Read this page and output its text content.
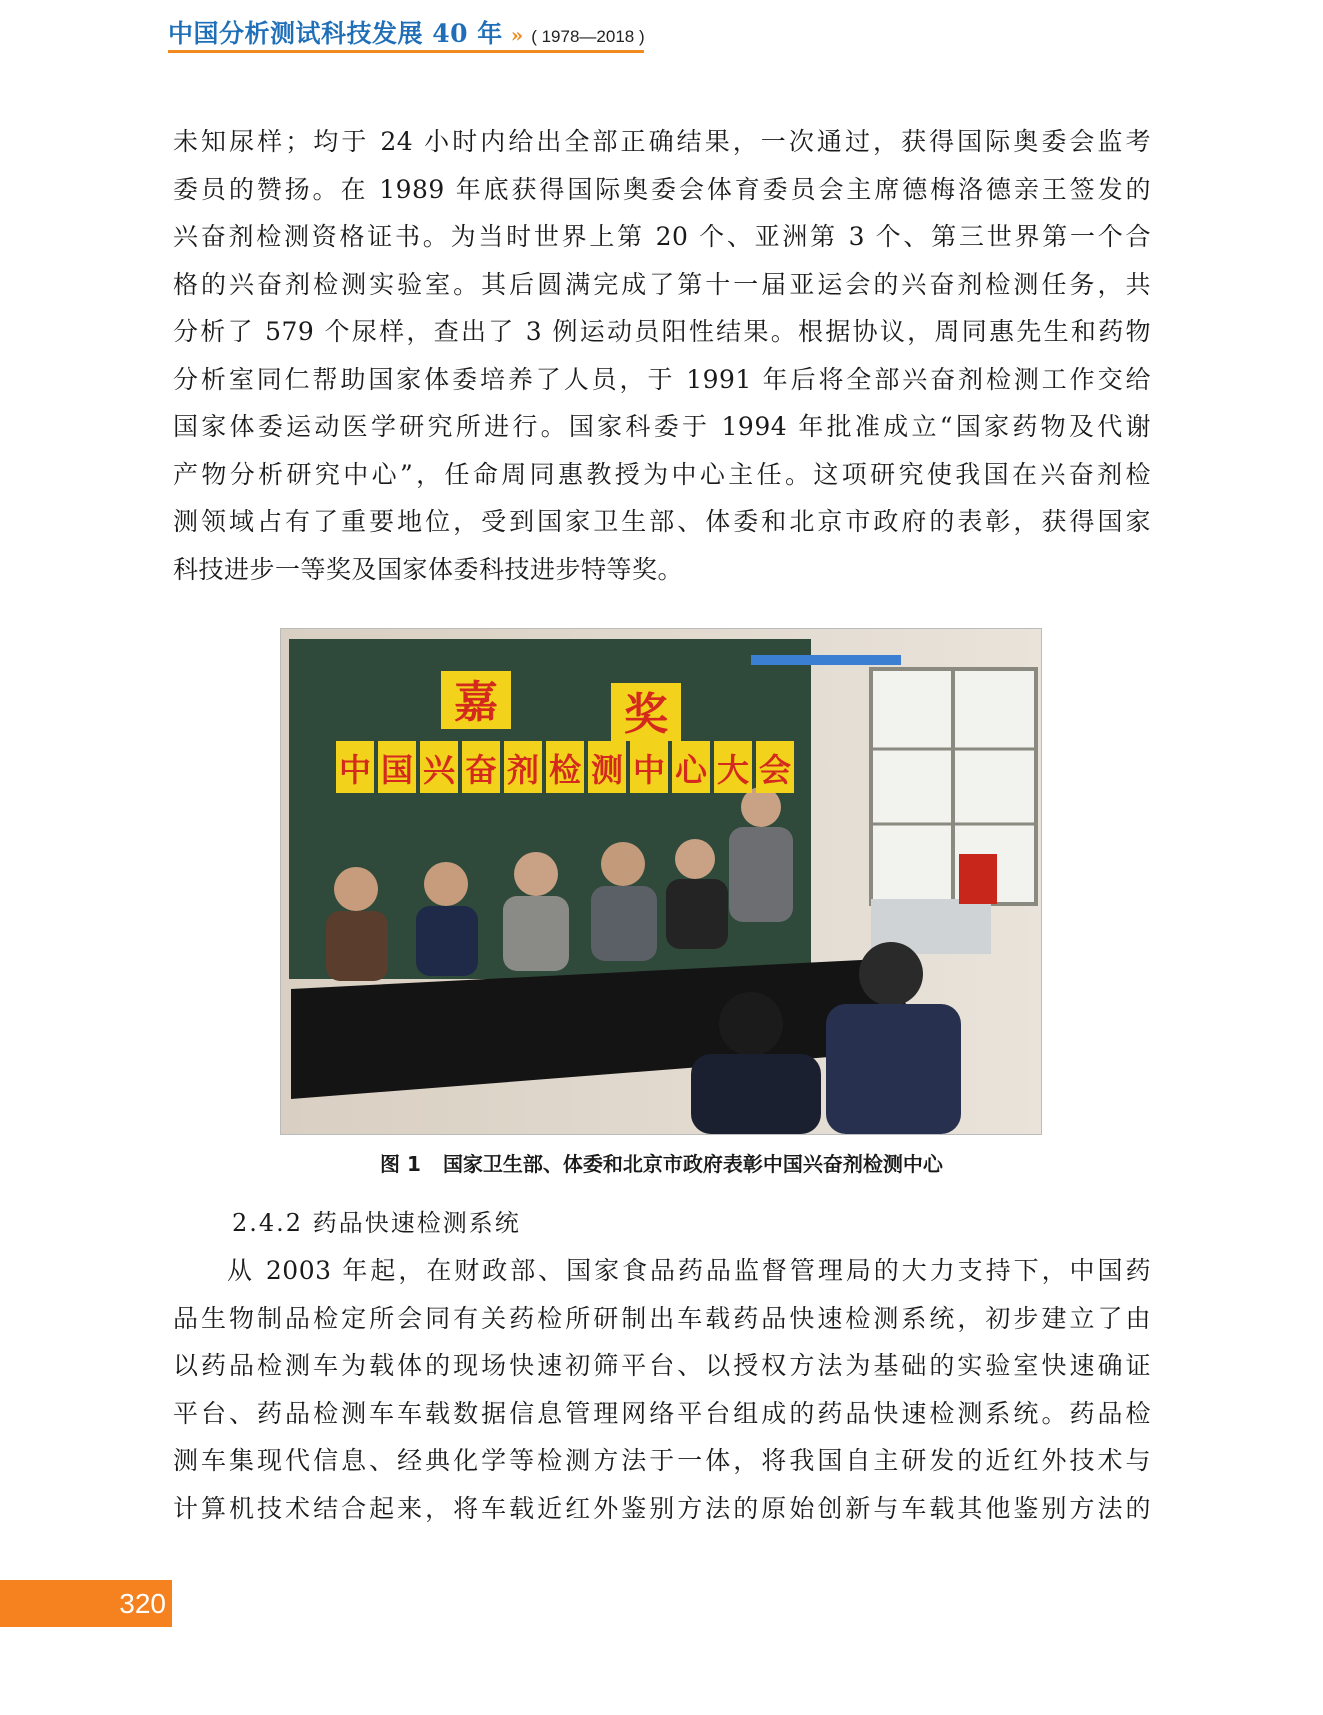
中国分析测试科技发展 40 年 » ( 1978—2018 )
未知尿样；均于 24 小时内给出全部正确结果，一次通过，获得国际奥委会监考
委员的赞扬。在 1989 年底获得国际奥委会体育委员会主席德梅洛德亲王签发的
兴奋剂检测资格证书。为当时世界上第 20 个、亚洲第 3 个、第三世界第一个合
格的兴奋剂检测实验室。其后圆满完成了第十一届亚运会的兴奋剂检测任务，共
分析了 579 个尿样，查出了 3 例运动员阳性结果。根据协议，周同惠先生和药物
分析室同仁帮助国家体委培养了人员，于 1991 年后将全部兴奋剂检测工作交给
国家体委运动医学研究所进行。国家科委于 1994 年批准成立“国家药物及代谢
产物分析研究中心”，任命周同惠教授为中心主任。这项研究使我国在兴奋剂检
测领域占有了重要地位，受到国家卫生部、体委和北京市政府的表彰，获得国家
科技进步一等奖及国家体委科技进步特等奖。
嘉	奖
中 国 兴 奋 剂 检 测 中 心 大 会
图 1 国家卫生部、体委和北京市政府表彰中国兴奋剂检测中心
2.4.2 药品快速检测系统
从 2003 年起，在财政部、国家食品药品监督管理局的大力支持下，中国药
品生物制品检定所会同有关药检所研制出车载药品快速检测系统，初步建立了由
以药品检测车为载体的现场快速初筛平台、以授权方法为基础的实验室快速确证
平台、药品检测车车载数据信息管理网络平台组成的药品快速检测系统。药品检
测车集现代信息、经典化学等检测方法于一体，将我国自主研发的近红外技术与
计算机技术结合起来，将车载近红外鉴别方法的原始创新与车载其他鉴别方法的
320
